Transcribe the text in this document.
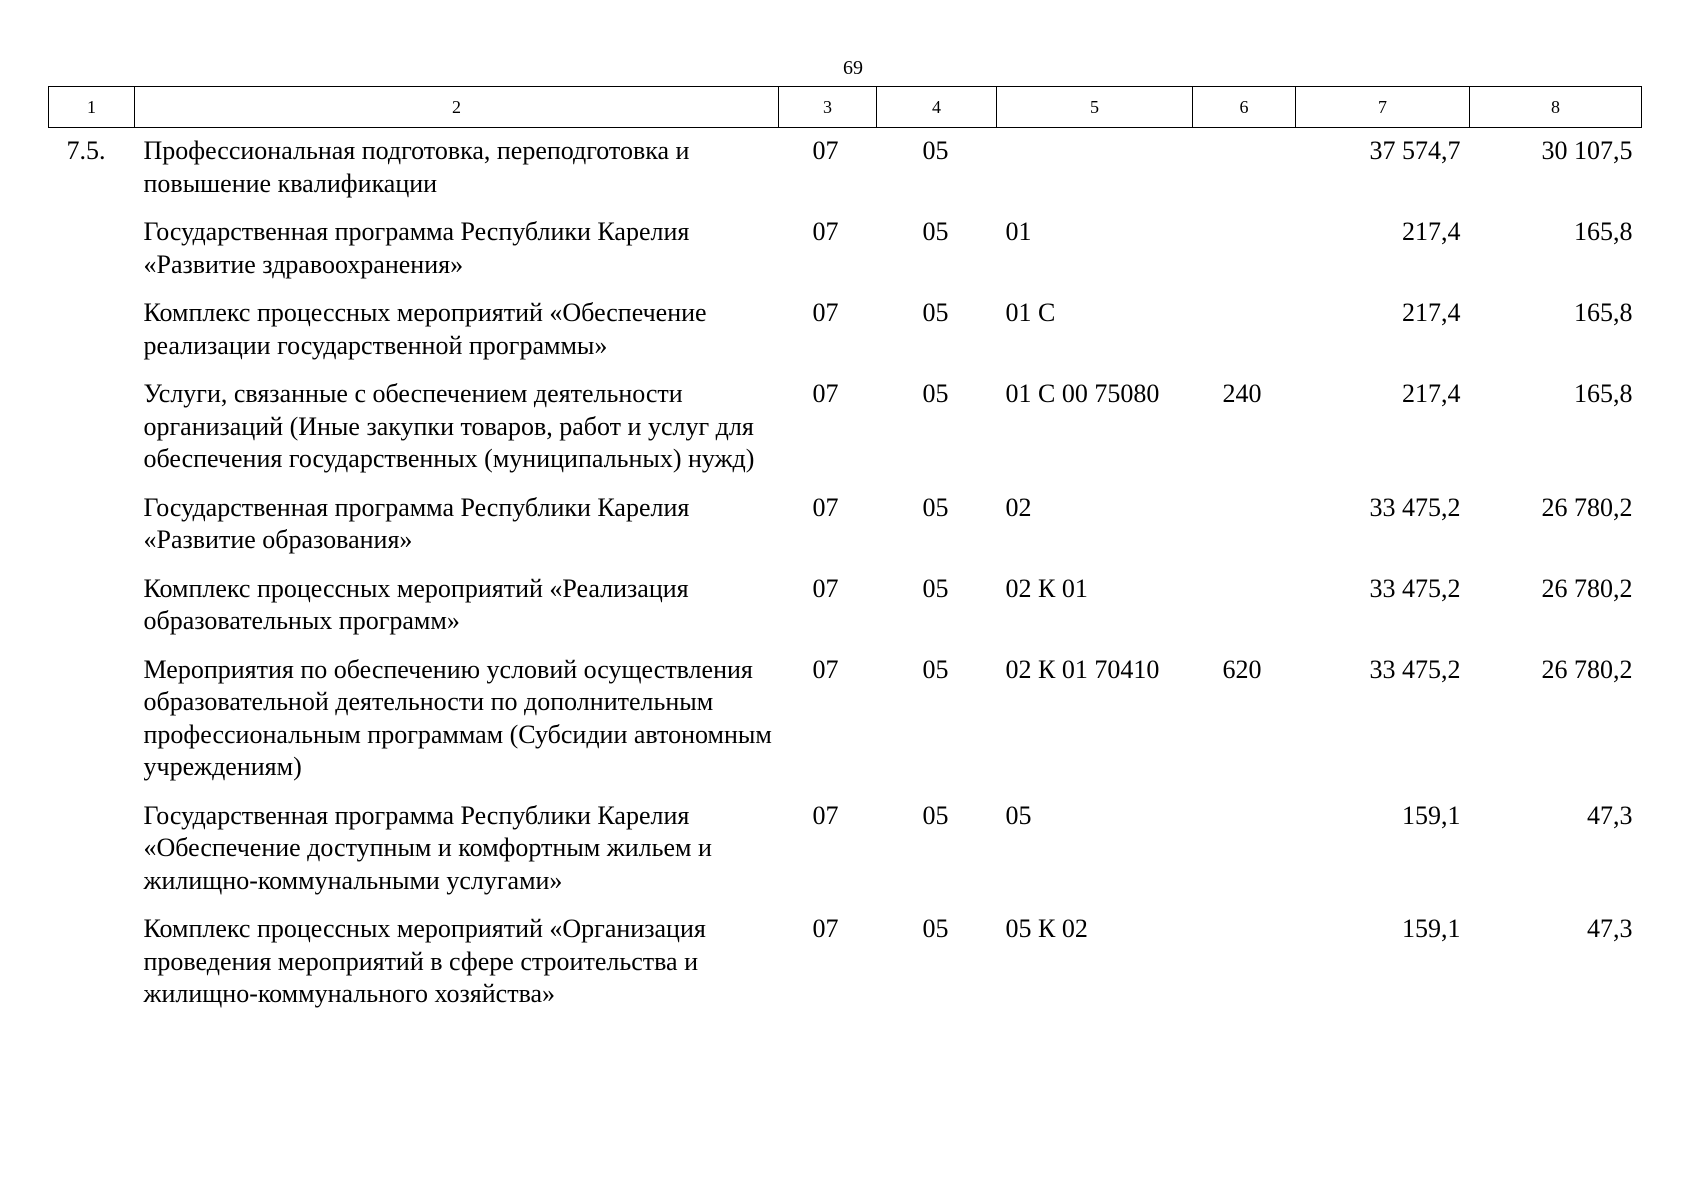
69
1	2	3	4	5	6	7	8
7.5.	Профессиональная подготовка, переподготовка и повышение квалификации	07	05			37 574,7	30 107,5
	Государственная программа Республики Карелия «Развитие здравоохранения»	07	05	01		217,4	165,8
	Комплекс процессных мероприятий «Обеспечение реализации государственной программы»	07	05	01 С		217,4	165,8
	Услуги, связанные с обеспечением деятельности организаций (Иные закупки товаров, работ и услуг для обеспечения государственных (муниципальных) нужд)	07	05	01 С 00 75080	240	217,4	165,8
	Государственная программа Республики Карелия «Развитие образования»	07	05	02		33 475,2	26 780,2
	Комплекс процессных мероприятий «Реализация образовательных программ»	07	05	02 К 01		33 475,2	26 780,2
	Мероприятия по обеспечению условий осуществления образовательной деятельности по дополнительным профессиональным программам (Субсидии автономным учреждениям)	07	05	02 К 01 70410	620	33 475,2	26 780,2
	Государственная программа Республики Карелия «Обеспечение доступным и комфортным жильем и жилищно-коммунальными услугами»	07	05	05		159,1	47,3
	Комплекс процессных мероприятий «Организация проведения мероприятий в сфере строительства и жилищно-коммунального хозяйства»	07	05	05 К 02		159,1	47,3
